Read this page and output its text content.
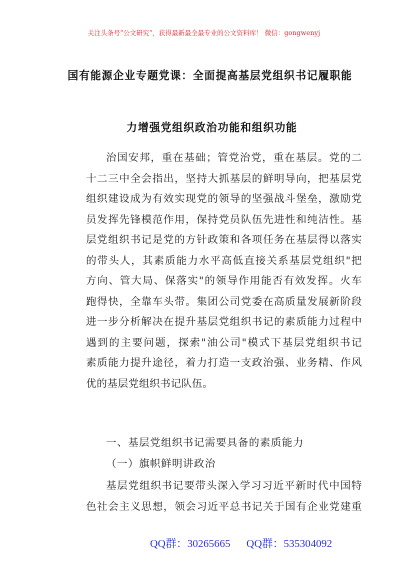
关注头条号"公文研究"，获得最新最全最专业的公文资料库！ 微信：gongwenyj
国有能源企业专题党课：全面提高基层党组织书记履职能
力增强党组织政治功能和组织功能
治国安邦，重在基础；管党治党，重在基层。党的二
十二三中全会指出，坚持大抓基层的鲜明导向，把基层党
组织建设成为有效实现党的领导的坚强战斗堡垒，激励党
员发挥先锋模范作用，保持党员队伍先进性和纯洁性。基
层党组织书记是党的方针政策和各项任务在基层得以落实
的带头人，其素质能力水平高低直接关系基层党组织"把
方向、管大局、保落实"的领导作用能否有效发挥。火车
跑得快，全靠车头带。集团公司党委在高质量发展新阶段
进一步分析解决在提升基层党组织书记的素质能力过程中
遇到的主要问题，探索"油公司"模式下基层党组织书记
素质能力提升途径，着力打造一支政治强、业务精、作风
优的基层党组织书记队伍。
一、基层党组织书记需要具备的素质能力
（一）旗帜鲜明讲政治
基层党组织书记要带头深入学习习近平新时代中国特
色社会主义思想，领会习近平总书记关于国有企业党建重
QQ群：30265665 QQ群：535304092
